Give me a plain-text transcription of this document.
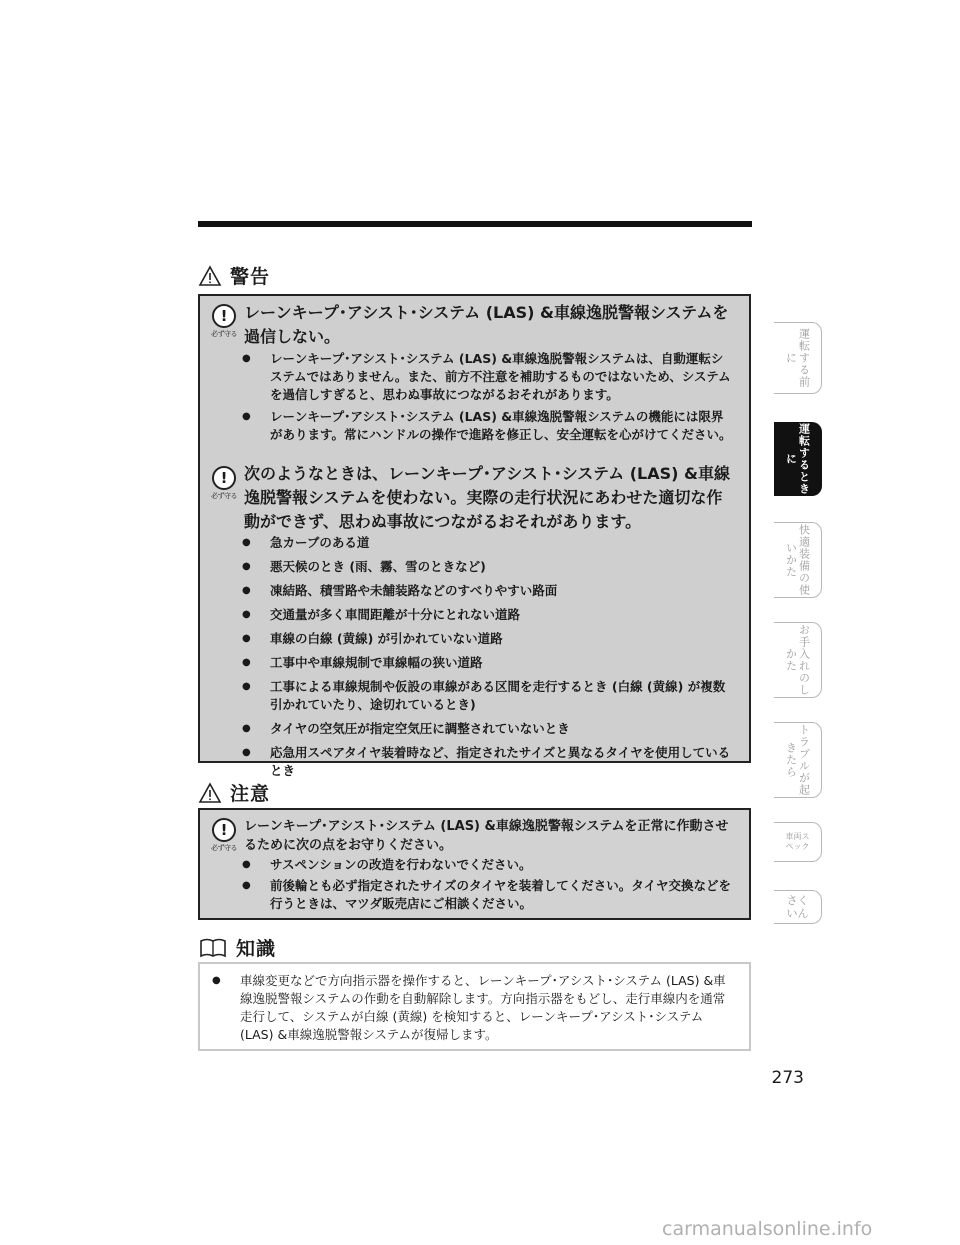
警告
!
必ず守る
レーンキープ･アシスト･システム (LAS) &車線逸脱警報システムを過信しない。
● レーンキープ･アシスト･システム (LAS) &車線逸脱警報システムは、自動運転システムではありません。また、前方不注意を補助するものではないため、システムを過信しすぎると、思わぬ事故につながるおそれがあります。
● レーンキープ･アシスト･システム (LAS) &車線逸脱警報システムの機能には限界があります。常にハンドルの操作で進路を修正し、安全運転を心がけてください。
!
必ず守る
次のようなときは、レーンキープ･アシスト･システム (LAS) &車線逸脱警報システムを使わない。実際の走行状況にあわせた適切な作動ができず、思わぬ事故につながるおそれがあります。
● 急カーブのある道
● 悪天候のとき (雨、霧、雪のときなど)
● 凍結路、積雪路や未舗装路などのすべりやすい路面
● 交通量が多く車間距離が十分にとれない道路
● 車線の白線 (黄線) が引かれていない道路
● 工事中や車線規制で車線幅の狭い道路
● 工事による車線規制や仮設の車線がある区間を走行するとき (白線 (黄線) が複数引かれていたり、途切れているとき)
● タイヤの空気圧が指定空気圧に調整されていないとき
● 応急用スペアタイヤ装着時など、指定されたサイズと異なるタイヤを使用しているとき
注意
!
必ず守る
レーンキープ･アシスト･システム (LAS) &車線逸脱警報システムを正常に作動させるために次の点をお守りください。
● サスペンションの改造を行わないでください。
● 前後輪とも必ず指定されたサイズのタイヤを装着してください。タイヤ交換などを行うときは、マツダ販売店にご相談ください。
知識
● 車線変更などで方向指示器を操作すると、レーンキープ･アシスト･システム (LAS) &車線逸脱警報システムの作動を自動解除します。方向指示器をもどし、走行車線内を通常走行して、システムが白線 (黄線) を検知すると、レーンキープ･アシスト･システム (LAS) &車線逸脱警報システムが復帰します。
運転する前に
運転するときに
快適装備の使いかた
お手入れのしかた
トラブルが起きたら
車両スペック
さくいん
273
carmanualsonline.info
